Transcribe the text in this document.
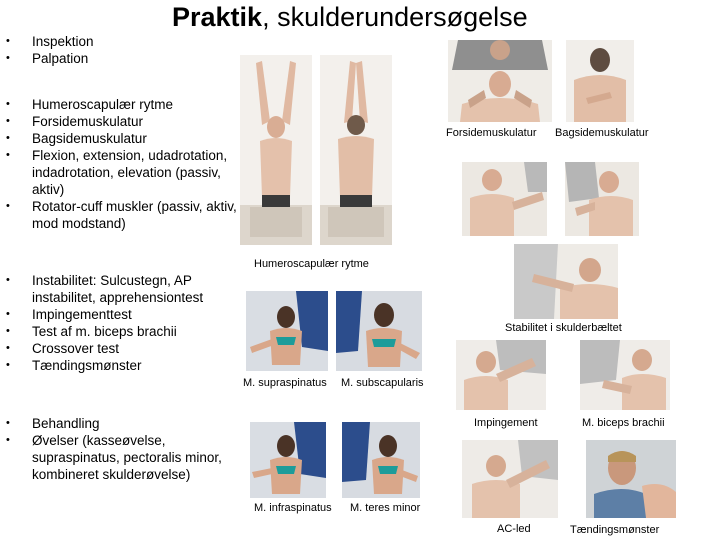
Praktik, skulderundersøgelse
• Inspektion
• Palpation
• Humeroscapulær rytme
• Forsidemuskulatur
• Bagsidemuskulatur
• Flexion, extension, udadrotation, indadrotation, elevation (passiv, aktiv)
• Rotator-cuff muskler (passiv, aktiv, mod modstand)
• Instabilitet: Sulcustegn, AP instabilitet, apprehensiontest
• Impingementtest
• Test af m. biceps brachii
• Crossover test
• Tændingsmønster
• Behandling
• Øvelser (kasseøvelse, supraspinatus, pectoralis minor, kombineret skulderøvelse)
Forsidemuskulatur Bagsidemuskulatur
Humeroscapulær rytme
Stabilitet i skulderbæltet
M. supraspinatus M. subscapularis
Impingement	M. biceps brachii
M. infraspinatus M. teres minor
AC-led	Tændingsmønster
